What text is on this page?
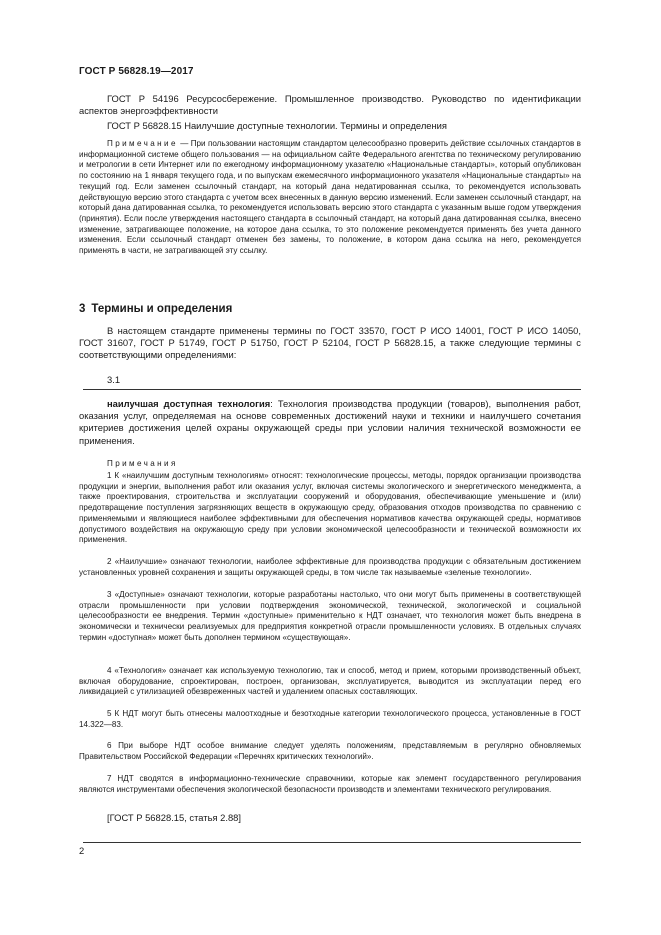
ГОСТ Р 56828.19—2017

ГОСТ Р 54196 Ресурсосбережение. Промышленное производство. Руководство по идентификации аспектов энергоэффективности

ГОСТ Р 56828.15 Наилучшие доступные технологии. Термины и определения

Примечание — При пользовании настоящим стандартом целесообразно проверить действие ссылочных стандартов в информационной системе общего пользования — на официальном сайте Федерального агентства по техническому регулированию и метрологии в сети Интернет или по ежегодному информационному указателю «Национальные стандарты», который опубликован по состоянию на 1 января текущего года, и по выпускам ежемесячного информационного указателя «Национальные стандарты» на текущий год. Если заменен ссылочный стандарт, на который дана недатированная ссылка, то рекомендуется использовать действующую версию этого стандарта с учетом всех внесенных в данную версию изменений. Если заменен ссылочный стандарт, на который дана датированная ссылка, то рекомендуется использовать версию этого стандарта с указанным выше годом утверждения (принятия). Если после утверждения настоящего стандарта в ссылочный стандарт, на который дана датированная ссылка, внесено изменение, затрагивающее положение, на которое дана ссылка, то это положение рекомендуется применять без учета данного изменения. Если ссылочный стандарт отменен без замены, то положение, в котором дана ссылка на него, рекомендуется применять в части, не затрагивающей эту ссылку.

3 Термины и определения

В настоящем стандарте применены термины по ГОСТ 33570, ГОСТ Р ИСО 14001, ГОСТ Р ИСО 14050, ГОСТ 31607, ГОСТ Р 51749, ГОСТ Р 51750, ГОСТ Р 52104, ГОСТ Р 56828.15, а также следующие термины с соответствующими определениями:

3.1

наилучшая доступная технология: Технология производства продукции (товаров), выполнения работ, оказания услуг, определяемая на основе современных достижений науки и техники и наилучшего сочетания критериев достижения целей охраны окружающей среды при условии наличия технической возможности ее применения.

Примечания

1 К «наилучшим доступным технологиям» относят: технологические процессы, методы, порядок организации производства продукции и энергии, выполнения работ или оказания услуг, включая системы экологического и энергетического менеджмента, а также проектирования, строительства и эксплуатации сооружений и оборудования, обеспечивающие уменьшение и (или) предотвращение поступления загрязняющих веществ в окружающую среду, образования отходов производства по сравнению с применяемыми и являющиеся наиболее эффективными для обеспечения нормативов качества окружающей среды, нормативов допустимого воздействия на окружающую среду при условии экономической целесообразности и технической возможности их применения.

2 «Наилучшие» означают технологии, наиболее эффективные для производства продукции с обязательным достижением установленных уровней сохранения и защиты окружающей среды, в том числе так называемые «зеленые технологии».

3 «Доступные» означают технологии, которые разработаны настолько, что они могут быть применены в соответствующей отрасли промышленности при условии подтверждения экономической, технической, экологической и социальной целесообразности ее внедрения. Термин «доступные» применительно к НДТ означает, что технология может быть внедрена в экономически и технически реализуемых для предприятия конкретной отрасли промышленности условиях. В отдельных случаях термин «доступная» может быть дополнен термином «существующая».

4 «Технология» означает как используемую технологию, так и способ, метод и прием, которыми производственный объект, включая оборудование, спроектирован, построен, организован, эксплуатируется, выводится из эксплуатации перед его ликвидацией с утилизацией обезвреженных частей и удалением опасных составляющих.

5 К НДТ могут быть отнесены малоотходные и безотходные категории технологического процесса, установленные в ГОСТ 14.322—83.

6 При выборе НДТ особое внимание следует уделять положениям, представляемым в регулярно обновляемых Правительством Российской Федерации «Перечнях критических технологий».

7 НДТ сводятся в информационно-технические справочники, которые как элемент государственного регулирования являются инструментами обеспечения экологической безопасности производств и элементами технического регулирования.

[ГОСТ Р 56828.15, статья 2.88]
2
